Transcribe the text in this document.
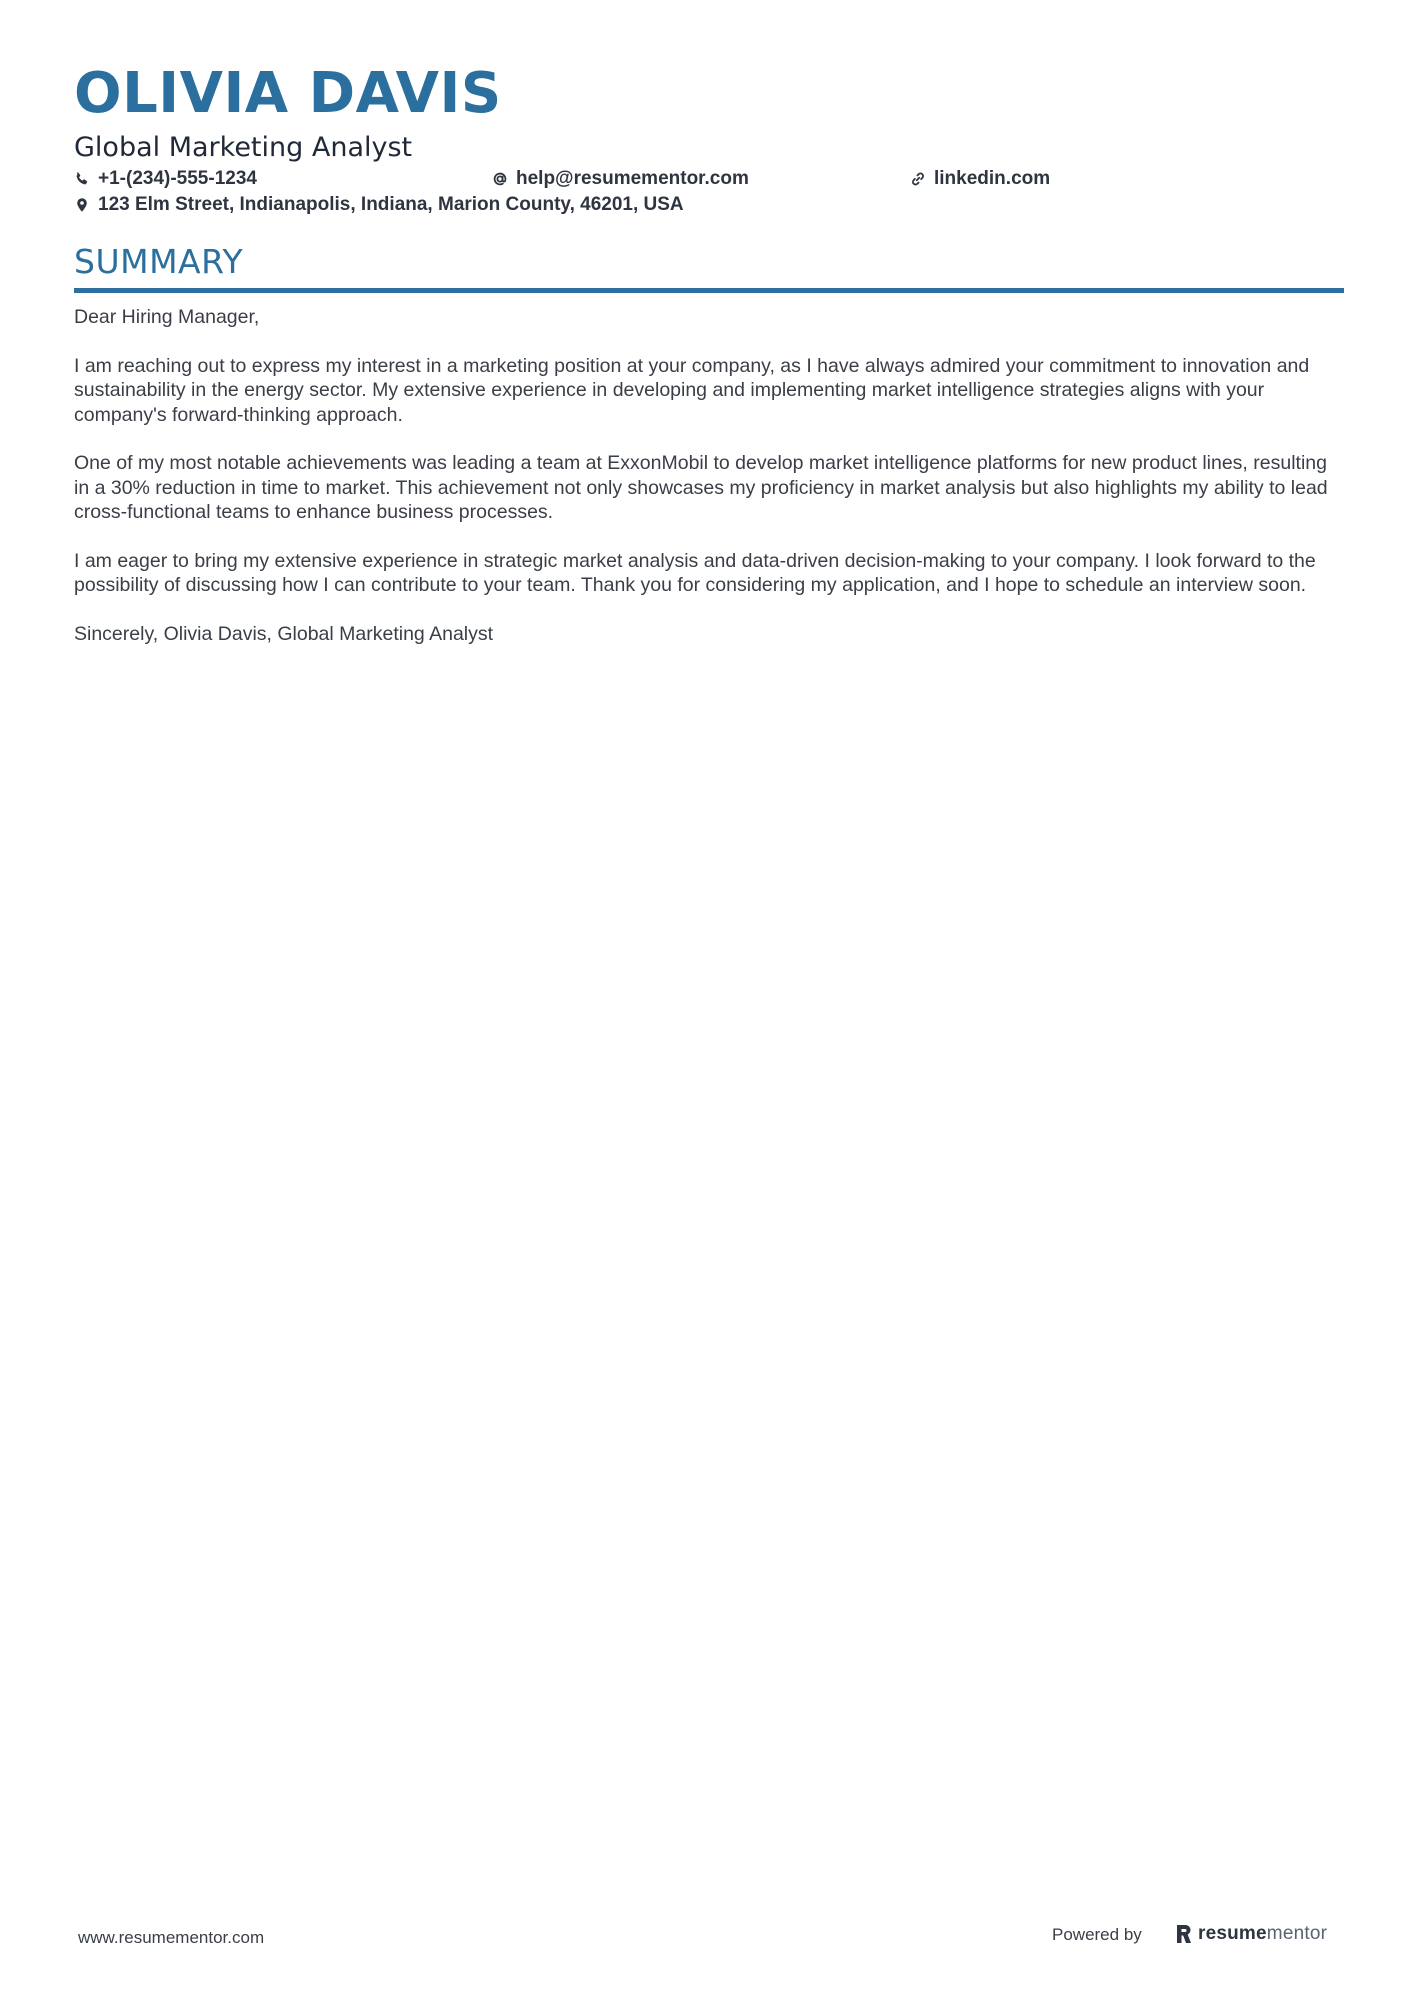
OLIVIA DAVIS
Global Marketing Analyst
+1-(234)-555-1234	help@resumementor.com	linkedin.com
123 Elm Street, Indianapolis, Indiana, Marion County, 46201, USA
SUMMARY

Dear Hiring Manager,

I am reaching out to express my interest in a marketing position at your company, as I have always admired your commitment to innovation and sustainability in the energy sector. My extensive experience in developing and implementing market intelligence strategies aligns with your company's forward-thinking approach.

One of my most notable achievements was leading a team at ExxonMobil to develop market intelligence platforms for new product lines, resulting in a 30% reduction in time to market. This achievement not only showcases my proficiency in market analysis but also highlights my ability to lead cross-functional teams to enhance business processes.

I am eager to bring my extensive experience in strategic market analysis and data-driven decision-making to your company. I look forward to the possibility of discussing how I can contribute to your team. Thank you for considering my application, and I hope to schedule an interview soon.

Sincerely, Olivia Davis, Global Marketing Analyst

www.resumementor.com	Powered by	resumementor
